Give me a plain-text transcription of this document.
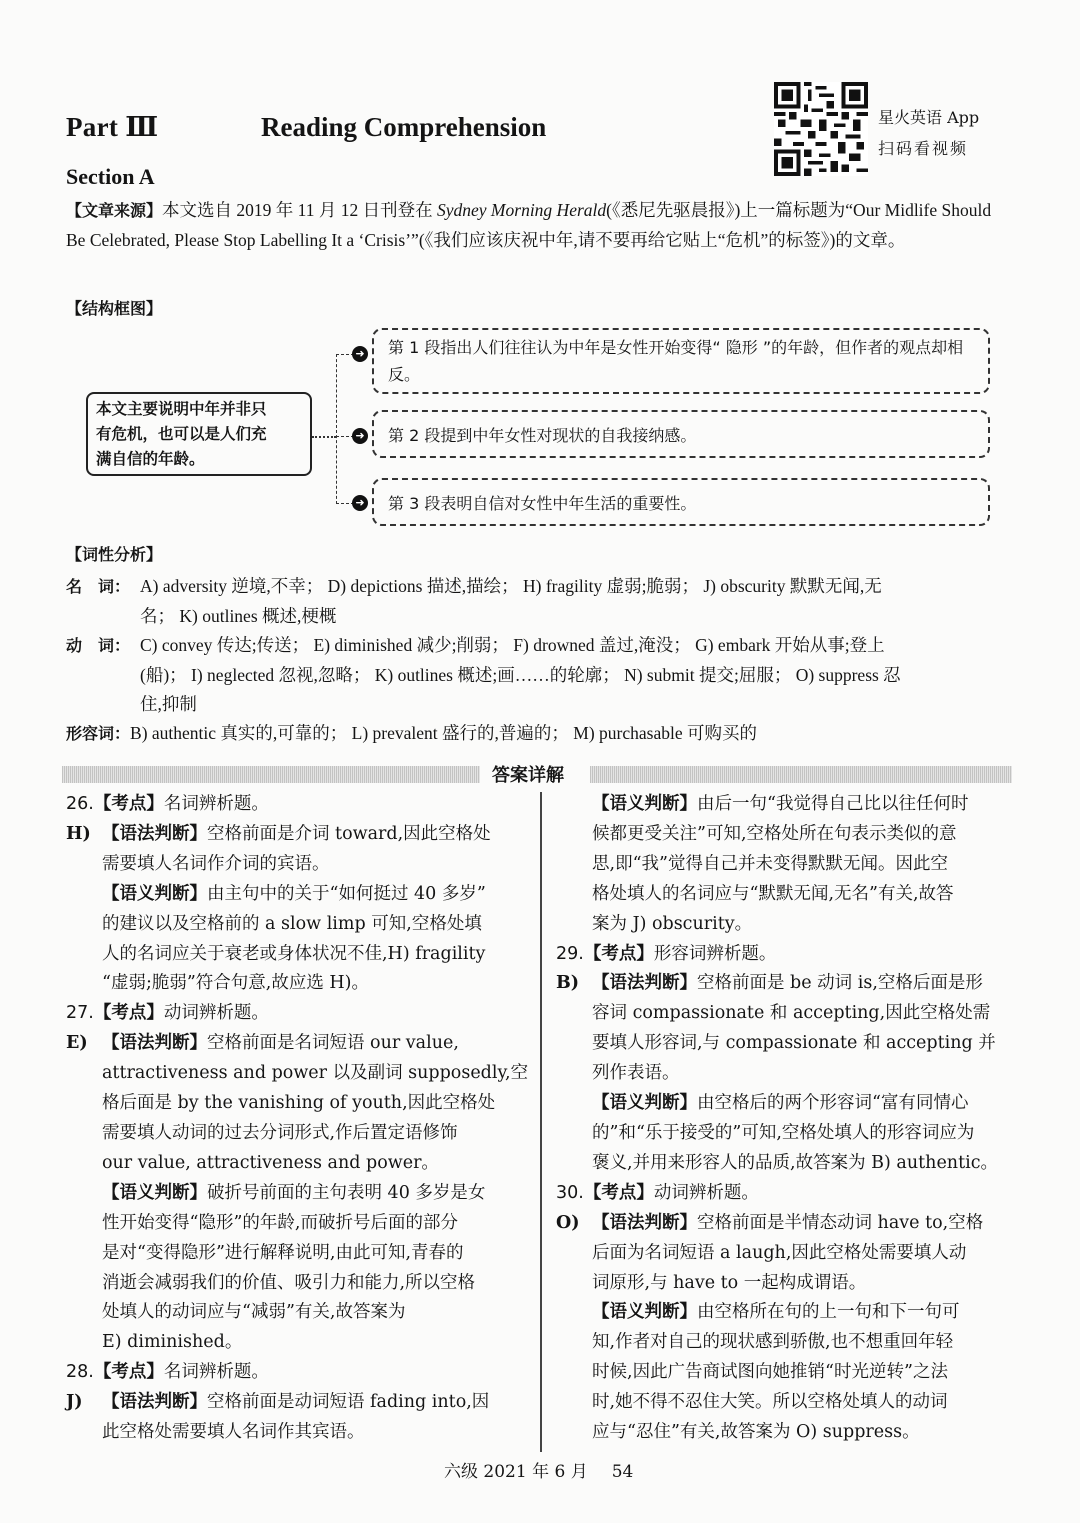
Part Ⅲ	Reading Comprehension
Section A
星火英语 App
扫码看视频
【文章来源】本文选自 2019 年 11 月 12 日刊登在 Sydney Morning Herald(《悉尼先驱晨报》)上一篇标题为“Our Midlife Should Be Celebrated, Please Stop Labelling It a ‘Crisis’”(《我们应该庆祝中年,请不要再给它贴上“危机”的标签》)的文章。
【结构框图】
本文主要说明中年并非只
有危机，也可以是人们充
满自信的年龄。
➜
➜
➜
第 1 段指出人们往往认为中年是女性开始变得“ 隐形 ”的年龄，但作者的观点却相反。
第 2 段提到中年女性对现状的自我接纳感。
第 3 段表明自信对女性中年生活的重要性。
【词性分析】
名　词： A) adversity 逆境,不幸； D) depictions 描述,描绘； H) fragility 虚弱;脆弱； J) obscurity 默默无闻,无
名； K) outlines 概述,梗概
动　词： C) convey 传达;传送； E) diminished 减少;削弱； F) drowned 盖过,淹没； G) embark 开始从事;登上
(船)； I) neglected 忽视,忽略； K) outlines 概述;画……的轮廓； N) submit 提交;屈服； O) suppress 忍
住,抑制
形容词：B) authentic 真实的,可靠的； L) prevalent 盛行的,普遍的； M) purchasable 可购买的
答案详解
26.【考点】名词辨析题。
H) 【语法判断】空格前面是介词 toward,因此空格处
需要填人名词作介词的宾语。
【语义判断】由主句中的关于“如何挺过 40 多岁”
的建议以及空格前的 a slow limp 可知,空格处填
人的名词应关于衰老或身体状况不佳,H) fragility
“虚弱;脆弱”符合句意,故应选 H)。
27.【考点】动词辨析题。
E) 【语法判断】空格前面是名词短语 our value,
attractiveness and power 以及副词 supposedly,空
格后面是 by the vanishing of youth,因此空格处
需要填人动词的过去分词形式,作后置定语修饰
our value, attractiveness and power。
【语义判断】破折号前面的主句表明 40 多岁是女
性开始变得“隐形”的年龄,而破折号后面的部分
是对“变得隐形”进行解释说明,由此可知,青春的
消逝会减弱我们的价值、吸引力和能力,所以空格
处填人的动词应与“减弱”有关,故答案为
E) diminished。
28.【考点】名词辨析题。
J) 【语法判断】空格前面是动词短语 fading into,因
此空格处需要填人名词作其宾语。
【语义判断】由后一句“我觉得自己比以往任何时
候都更受关注”可知,空格处所在句表示类似的意
思,即“我”觉得自己并未变得默默无闻。因此空
格处填人的名词应与“默默无闻,无名”有关,故答
案为 J) obscurity。
29.【考点】形容词辨析题。
B) 【语法判断】空格前面是 be 动词 is,空格后面是形
容词 compassionate 和 accepting,因此空格处需
要填人形容词,与 compassionate 和 accepting 并
列作表语。
【语义判断】由空格后的两个形容词“富有同情心
的”和“乐于接受的”可知,空格处填人的形容词应为
褒义,并用来形容人的品质,故答案为 B) authentic。
30.【考点】动词辨析题。
O) 【语法判断】空格前面是半情态动词 have to,空格
后面为名词短语 a laugh,因此空格处需要填人动
词原形,与 have to 一起构成谓语。
【语义判断】由空格所在句的上一句和下一句可
知,作者对自己的现状感到骄傲,也不想重回年轻
时候,因此广告商试图向她推销“时光逆转”之法
时,她不得不忍住大笑。所以空格处填人的动词
应与“忍住”有关,故答案为 O) suppress。
六级 2021 年 6 月 54
